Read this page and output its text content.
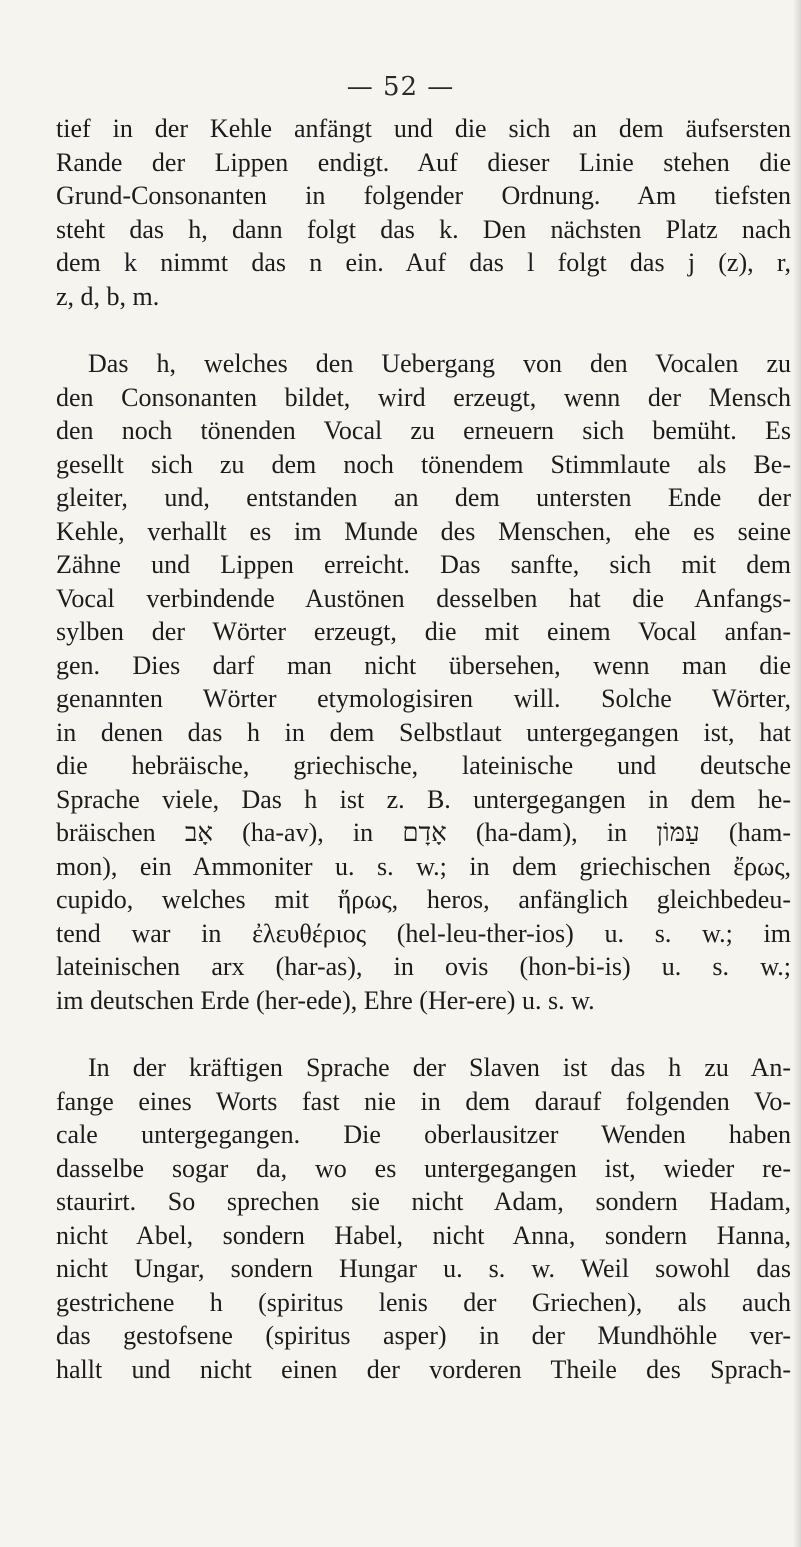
— 52 —
tief in der Kehle anfängt und die sich an dem äufsersten
Rande der Lippen endigt. Auf dieser Linie stehen die
Grund-Consonanten in folgender Ordnung. Am tiefsten
steht das h, dann folgt das k. Den nächsten Platz nach
dem k nimmt das n ein. Auf das l folgt das j (z), r,
z, d, b, m.
Das h, welches den Uebergang von den Vocalen zu
den Consonanten bildet, wird erzeugt, wenn der Mensch
den noch tönenden Vocal zu erneuern sich bemüht. Es
gesellt sich zu dem noch tönendem Stimmlaute als Be-
gleiter, und, entstanden an dem untersten Ende der
Kehle, verhallt es im Munde des Menschen, ehe es seine
Zähne und Lippen erreicht. Das sanfte, sich mit dem
Vocal verbindende Austönen desselben hat die Anfangs-
sylben der Wörter erzeugt, die mit einem Vocal anfan-
gen. Dies darf man nicht übersehen, wenn man die
genannten Wörter etymologisiren will. Solche Wörter,
in denen das h in dem Selbstlaut untergegangen ist, hat
die hebräische, griechische, lateinische und deutsche
Sprache viele, Das h ist z. B. untergegangen in dem he-
bräischen אָב (ha-av), in אָדָם (ha-dam), in עַמּוֹן (ham-
mon), ein Ammoniter u. s. w.; in dem griechischen ἔρως,
cupido, welches mit ἥρως, heros, anfänglich gleichbedeu-
tend war in ἐλευθέριος (hel-leu-ther-ios) u. s. w.; im
lateinischen arx (har-as), in ovis (hon-bi-is) u. s. w.;
im deutschen Erde (her-ede), Ehre (Her-ere) u. s. w.
In der kräftigen Sprache der Slaven ist das h zu An-
fange eines Worts fast nie in dem darauf folgenden Vo-
cale untergegangen. Die oberlausitzer Wenden haben
dasselbe sogar da, wo es untergegangen ist, wieder re-
staurirt. So sprechen sie nicht Adam, sondern Hadam,
nicht Abel, sondern Habel, nicht Anna, sondern Hanna,
nicht Ungar, sondern Hungar u. s. w. Weil sowohl das
gestrichene h (spiritus lenis der Griechen), als auch
das gestofsene (spiritus asper) in der Mundhöhle ver-
hallt und nicht einen der vorderen Theile des Sprach-
